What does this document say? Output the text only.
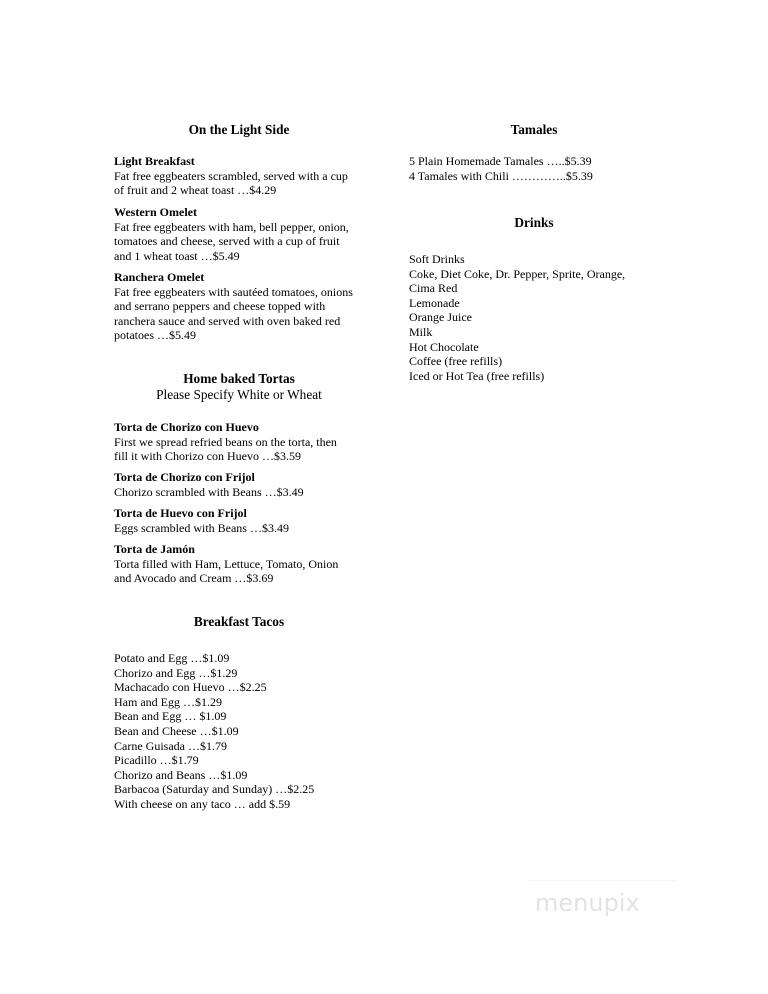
On the Light Side
Light Breakfast
Fat free eggbeaters scrambled, served with a cup
of fruit and 2 wheat toast …$4.29
Western Omelet
Fat free eggbeaters with ham, bell pepper, onion,
tomatoes and cheese, served with a cup of fruit
and 1 wheat toast …$5.49
Ranchera Omelet
Fat free eggbeaters with sautéed tomatoes, onions
and serrano peppers and cheese topped with
ranchera sauce and served with oven baked red
potatoes …$5.49
Home baked Tortas
Please Specify White or Wheat
Torta de Chorizo con Huevo
First we spread refried beans on the torta, then
fill it with Chorizo con Huevo …$3.59
Torta de Chorizo con Frijol
Chorizo scrambled with Beans …$3.49
Torta de Huevo con Frijol
Eggs scrambled with Beans …$3.49
Torta de Jamón
Torta filled with Ham, Lettuce, Tomato, Onion
and Avocado and Cream …$3.69
Breakfast Tacos
Potato and Egg …$1.09
Chorizo and Egg …$1.29
Machacado con Huevo …$2.25
Ham and Egg …$1.29
Bean and Egg … $1.09
Bean and Cheese …$1.09
Carne Guisada …$1.79
Picadillo …$1.79
Chorizo and Beans …$1.09
Barbacoa (Saturday and Sunday) …$2.25
With cheese on any taco … add $.59
Tamales
5 Plain Homemade Tamales …..$5.39
4 Tamales with Chili …………..$5.39
Drinks
Soft Drinks
Coke, Diet Coke, Dr. Pepper, Sprite, Orange,
Cima Red
Lemonade
Orange Juice
Milk
Hot Chocolate
Coffee (free refills)
Iced or Hot Tea (free refills)
menupix
